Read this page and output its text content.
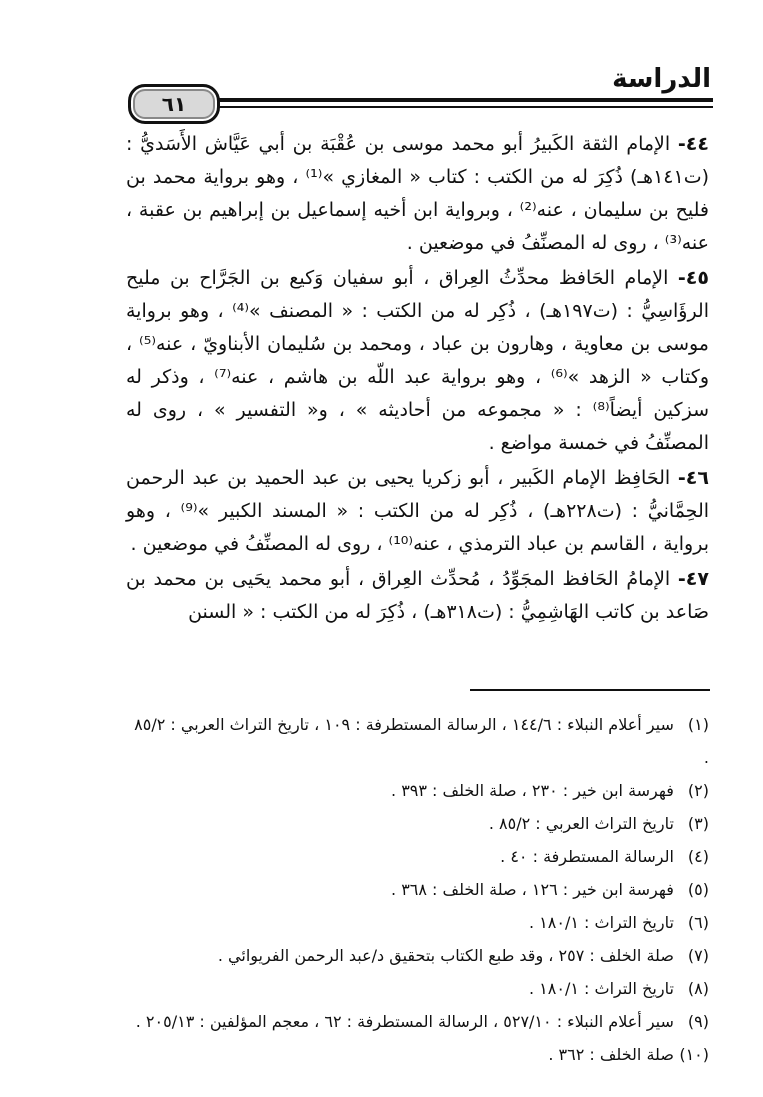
الدراسة
٦١

٤٤- الإمام الثقة الكَبيرُ أبو محمد موسى بن عُقْبَة بن أبي عَيَّاش الأَسَديُّ : (ت١٤١هـ) ذُكِرَ له من الكتب : كتاب « المغازي »⁽¹⁾ ، وهو برواية محمد بن فليح بن سليمان ، عنه⁽²⁾ ، وبرواية ابن أخيه إسماعيل بن إبراهيم بن عقبة ، عنه⁽³⁾ ، روى له المصنِّفُ في موضعين .

٤٥- الإمام الحَافظ محدِّثُ العِراق ، أبو سفيان وَكيع بن الجَرَّاح بن مليح الرؤَاسِيُّ : (ت١٩٧هـ) ، ذُكِر له من الكتب : « المصنف »⁽⁴⁾ ، وهو برواية موسى بن معاوية ، وهارون بن عباد ، ومحمد بن سُليمان الأبناويّ ، عنه⁽⁵⁾ ، وكتاب « الزهد »⁽⁶⁾ ، وهو برواية عبد اللّه بن هاشم ، عنه⁽⁷⁾ ، وذكر له سزكين أيضاً⁽⁸⁾ : « مجموعه من أحاديثه » ، و« التفسير » ، روى له المصنِّفُ في خمسة مواضع .

٤٦- الحَافِظ الإمام الكَبير ، أبو زكريا يحيى بن عبد الحميد بن عبد الرحمن الحِمَّانيُّ : (ت٢٢٨هـ) ، ذُكِر له من الكتب : « المسند الكبير »⁽⁹⁾ ، وهو برواية ، القاسم بن عباد الترمذي ، عنه⁽¹⁰⁾ ، روى له المصنِّفُ في موضعين .

٤٧- الإمامُ الحَافظ المجَوِّدُ ، مُحدِّث العِراق ، أبو محمد يحَيى بن محمد بن صَاعد بن كاتب الهَاشِمِيُّ : (ت٣١٨هـ) ، ذُكِرَ له من الكتب : « السنن

(١) سير أعلام النبلاء : ١٤٤/٦ ، الرسالة المستطرفة : ١٠٩ ، تاريخ التراث العربي : ٨٥/٢ .
(٢) فهرسة ابن خير : ٢٣٠ ، صلة الخلف : ٣٩٣ .
(٣) تاريخ التراث العربي : ٨٥/٢ .
(٤) الرسالة المستطرفة : ٤٠ .
(٥) فهرسة ابن خير : ١٢٦ ، صلة الخلف : ٣٦٨ .
(٦) تاريخ التراث : ١٨٠/١ .
(٧) صلة الخلف : ٢٥٧ ، وقد طبع الكتاب بتحقيق د/عبد الرحمن الفريوائي .
(٨) تاريخ التراث : ١٨٠/١ .
(٩) سير أعلام النبلاء : ٥٢٧/١٠ ، الرسالة المستطرفة : ٦٢ ، معجم المؤلفين : ٢٠٥/١٣ .
(١٠) صلة الخلف : ٣٦٢ .
